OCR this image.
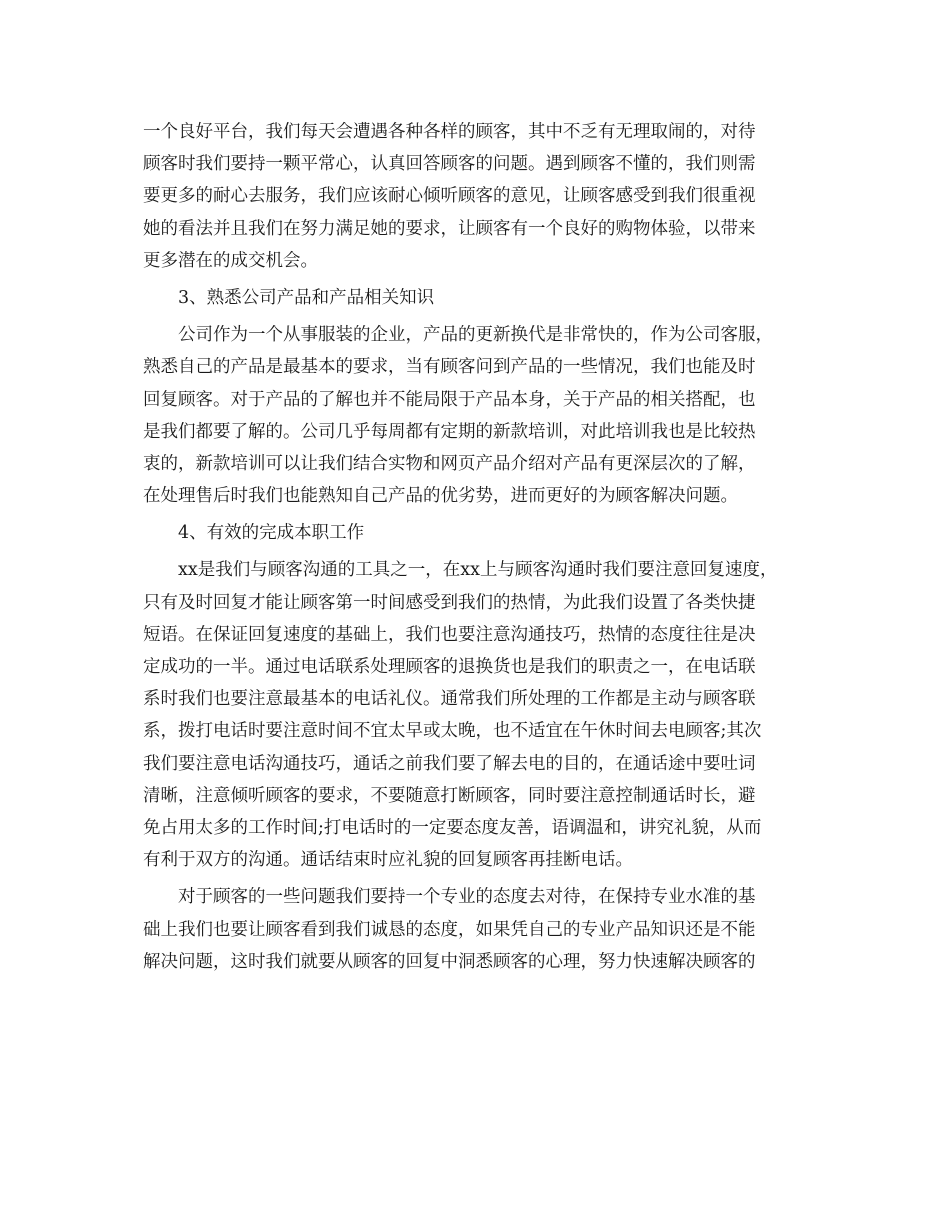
一个良好平台，我们每天会遭遇各种各样的顾客，其中不乏有无理取闹的，对待
顾客时我们要持一颗平常心，认真回答顾客的问题。遇到顾客不懂的，我们则需
要更多的耐心去服务，我们应该耐心倾听顾客的意见，让顾客感受到我们很重视
她的看法并且我们在努力满足她的要求，让顾客有一个良好的购物体验，以带来
更多潜在的成交机会。
3、熟悉公司产品和产品相关知识
公司作为一个从事服装的企业，产品的更新换代是非常快的，作为公司客服，
熟悉自己的产品是最基本的要求，当有顾客问到产品的一些情况，我们也能及时
回复顾客。对于产品的了解也并不能局限于产品本身，关于产品的相关搭配，也
是我们都要了解的。公司几乎每周都有定期的新款培训，对此培训我也是比较热
衷的，新款培训可以让我们结合实物和网页产品介绍对产品有更深层次的了解，
在处理售后时我们也能熟知自己产品的优劣势，进而更好的为顾客解决问题。
4、有效的完成本职工作
xx是我们与顾客沟通的工具之一，在xx上与顾客沟通时我们要注意回复速度，
只有及时回复才能让顾客第一时间感受到我们的热情，为此我们设置了各类快捷
短语。在保证回复速度的基础上，我们也要注意沟通技巧，热情的态度往往是决
定成功的一半。通过电话联系处理顾客的退换货也是我们的职责之一，在电话联
系时我们也要注意最基本的电话礼仪。通常我们所处理的工作都是主动与顾客联
系，拨打电话时要注意时间不宜太早或太晚，也不适宜在午休时间去电顾客;其次
我们要注意电话沟通技巧，通话之前我们要了解去电的目的，在通话途中要吐词
清晰，注意倾听顾客的要求，不要随意打断顾客，同时要注意控制通话时长，避
免占用太多的工作时间;打电话时的一定要态度友善，语调温和，讲究礼貌，从而
有利于双方的沟通。通话结束时应礼貌的回复顾客再挂断电话。
对于顾客的一些问题我们要持一个专业的态度去对待，在保持专业水准的基
础上我们也要让顾客看到我们诚恳的态度，如果凭自己的专业产品知识还是不能
解决问题，这时我们就要从顾客的回复中洞悉顾客的心理，努力快速解决顾客的
